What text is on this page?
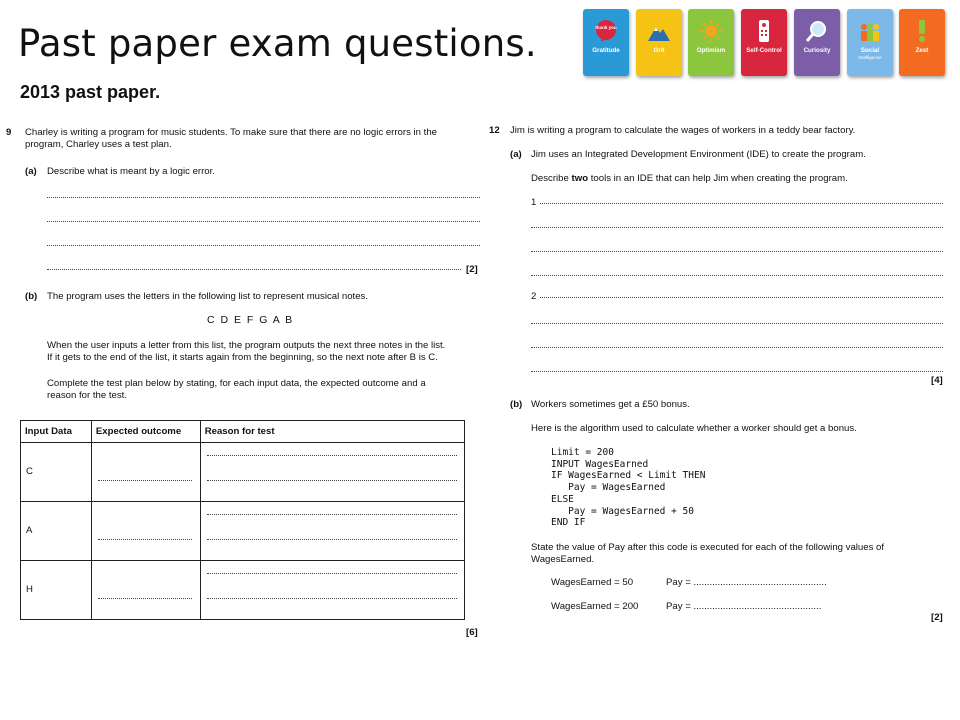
Past paper exam questions.
2013 past paper.
thank you
Gratitude	Grit	Optimism	Self-Control	Curiosity	Social
Intelligence
Zest
9 Charley is writing a program for music students. To make sure that there are no logic errors in the
program, Charley uses a test plan.
(a) Describe what is meant by a logic error.
[2]
(b) The program uses the letters in the following list to represent musical notes.
C D E F G A B
When the user inputs a letter from this list, the program outputs the next three notes in the list.
If it gets to the end of the list, it starts again from the beginning, so the next note after B is C.
Complete the test plan below by stating, for each input data, the expected outcome and a
reason for the test.
Input Data	Expected outcome	Reason for test

C		

A		

H		

[6]
12 Jim is writing a program to calculate the wages of workers in a teddy bear factory.
(a) Jim uses an Integrated Development Environment (IDE) to create the program.
Describe two tools in an IDE that can help Jim when creating the program.
1
2
[4]
(b) Workers sometimes get a £50 bonus.
Here is the algorithm used to calculate whether a worker should get a bonus.
Limit = 200
INPUT WagesEarned
IF WagesEarned < Limit THEN
Pay = WagesEarned
ELSE
Pay = WagesEarned + 50
END IF
State the value of Pay after this code is executed for each of the following values of
WagesEarned.
WagesEarned = 50	Pay = ..................................................
WagesEarned = 200	Pay = ................................................
[2]
